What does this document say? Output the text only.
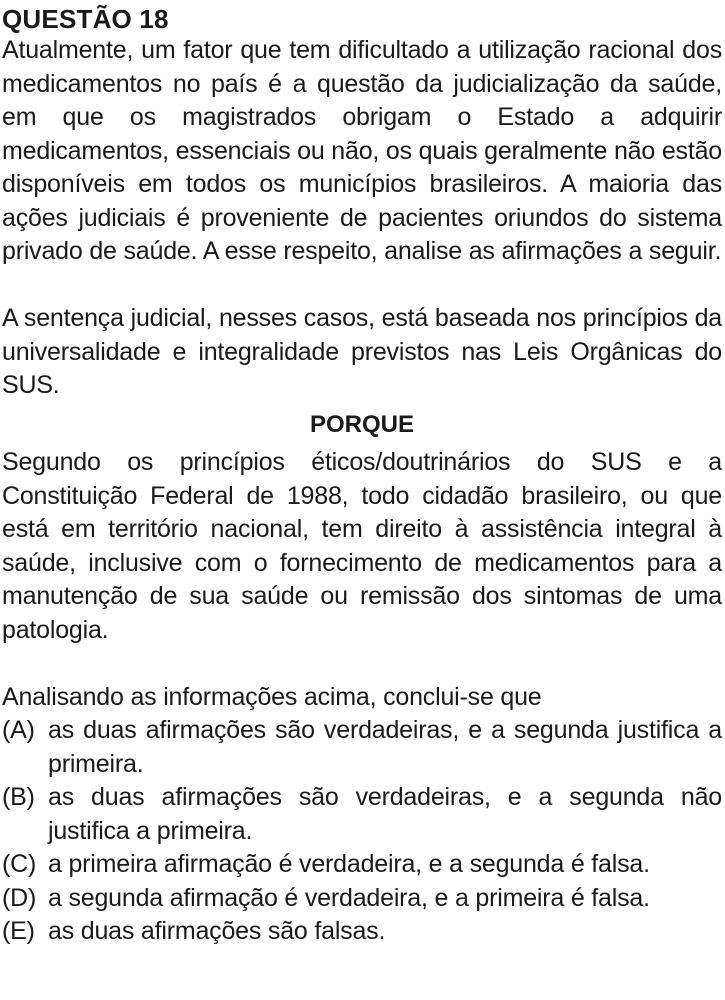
QUESTÃO 18

Atualmente, um fator que tem dificultado a utilização racional dos medicamentos no país é a questão da judicialização da saúde, em que os magistrados obrigam o Estado a adquirir medicamentos, essenciais ou não, os quais geralmente não estão disponíveis em todos os municípios brasileiros. A maioria das ações judiciais é proveniente de pacientes oriundos do sistema privado de saúde. A esse respeito, analise as afirmações a seguir.

A sentença judicial, nesses casos, está baseada nos princípios da universalidade e integralidade previstos nas Leis Orgânicas do SUS.

PORQUE

Segundo os princípios éticos/doutrinários do SUS e a Constituição Federal de 1988, todo cidadão brasileiro, ou que está em território nacional, tem direito à assistência integral à saúde, inclusive com o fornecimento de medicamentos para a manutenção de sua saúde ou remissão dos sintomas de uma patologia.

Analisando as informações acima, conclui-se que

(A) as duas afirmações são verdadeiras, e a segunda justifica a primeira.
(B) as duas afirmações são verdadeiras, e a segunda não justifica a primeira.
(C) a primeira afirmação é verdadeira, e a segunda é falsa.
(D) a segunda afirmação é verdadeira, e a primeira é falsa.
(E) as duas afirmações são falsas.
